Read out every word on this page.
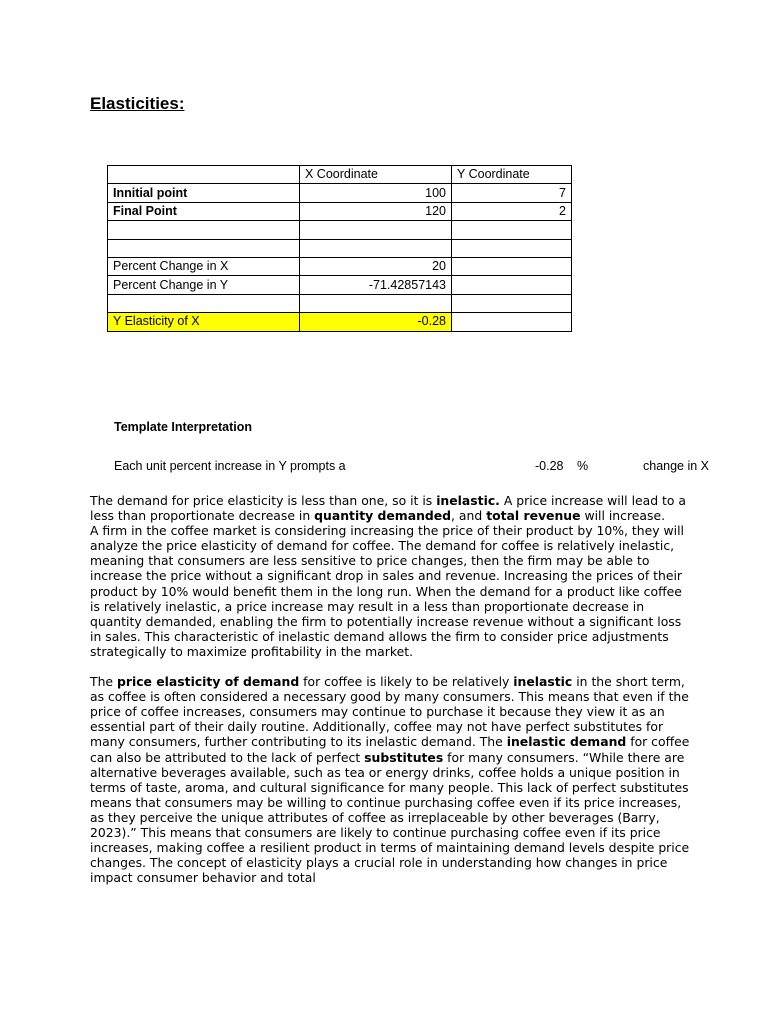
Elasticities:
	X Coordinate	Y Coordinate
Innitial point	100	7
Final Point	120	2

Percent Change in X	20	
Percent Change in Y	-71.42857143	

Y Elasticity of X	-0.28	
Template Interpretation
Each unit percent increase in Y prompts a	-0.28 %	change in X

The demand for price elasticity is less than one, so it is inelastic. A price increase will lead to a less than proportionate decrease in quantity demanded, and total revenue will increase.

A firm in the coffee market is considering increasing the price of their product by 10%, they will analyze the price elasticity of demand for coffee. The demand for coffee is relatively inelastic, meaning that consumers are less sensitive to price changes, then the firm may be able to increase the price without a significant drop in sales and revenue. Increasing the prices of their product by 10% would benefit them in the long run. When the demand for a product like coffee is relatively inelastic, a price increase may result in a less than proportionate decrease in quantity demanded, enabling the firm to potentially increase revenue without a significant loss in sales. This characteristic of inelastic demand allows the firm to consider price adjustments strategically to maximize profitability in the market.

The price elasticity of demand for coffee is likely to be relatively inelastic in the short term, as coffee is often considered a necessary good by many consumers. This means that even if the price of coffee increases, consumers may continue to purchase it because they view it as an essential part of their daily routine. Additionally, coffee may not have perfect substitutes for many consumers, further contributing to its inelastic demand. The inelastic demand for coffee can also be attributed to the lack of perfect substitutes for many consumers. “While there are alternative beverages available, such as tea or energy drinks, coffee holds a unique position in terms of taste, aroma, and cultural significance for many people. This lack of perfect substitutes means that consumers may be willing to continue purchasing coffee even if its price increases, as they perceive the unique attributes of coffee as irreplaceable by other beverages (Barry, 2023).” This means that consumers are likely to continue purchasing coffee even if its price increases, making coffee a resilient product in terms of maintaining demand levels despite price changes. The concept of elasticity plays a crucial role in understanding how changes in price impact consumer behavior and total
